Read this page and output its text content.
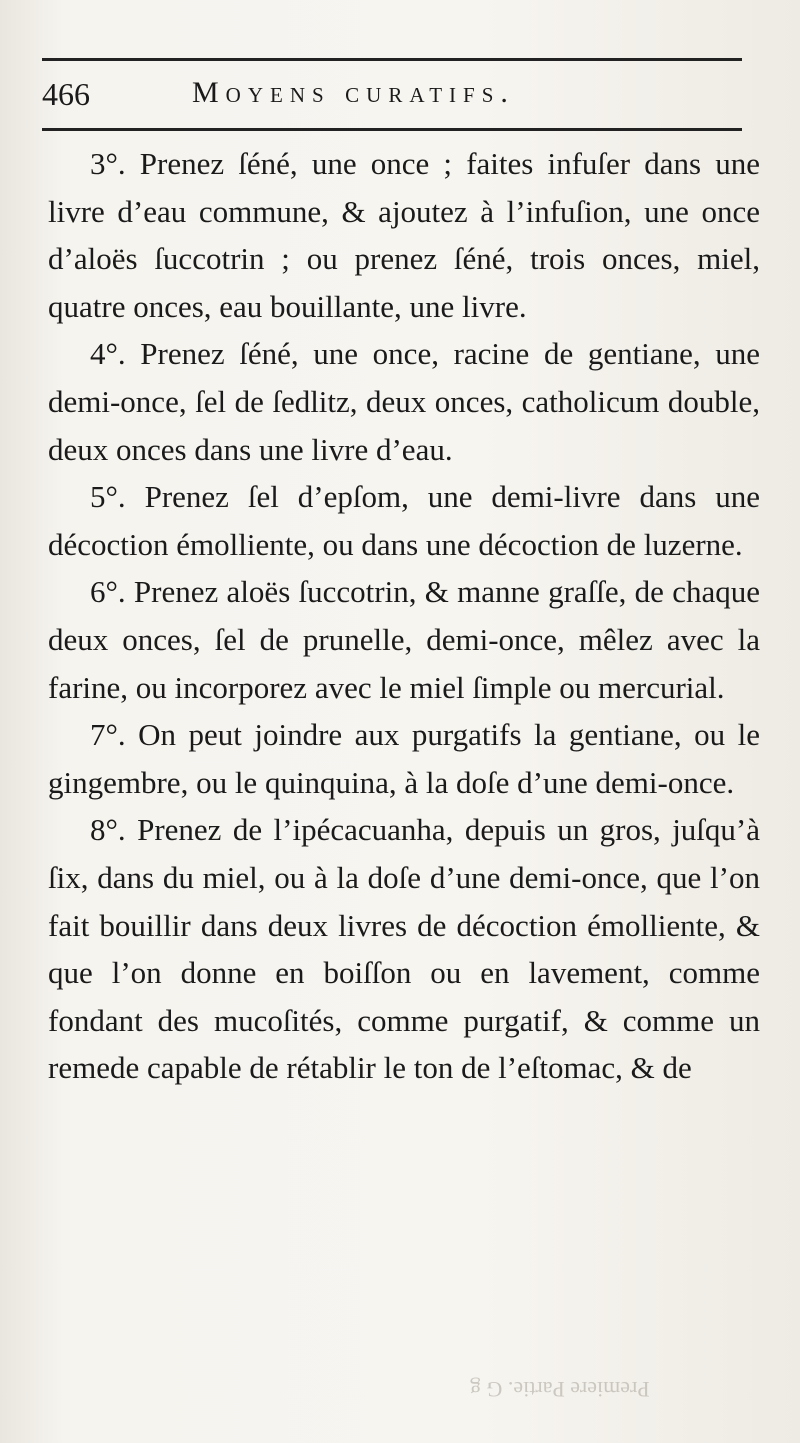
466	Moyens curatifs.

3°. Prenez ſéné, une once ; faites infuſer dans une livre d’eau commune, & ajoutez à l’infuſion, une once d’aloës ſuccotrin ; ou prenez ſéné, trois onces, miel, quatre onces, eau bouillante, une livre.

4°. Prenez ſéné, une once, racine de gentiane, une demi-once, ſel de ſedlitz, deux onces, catholicum double, deux onces dans une livre d’eau.

5°. Prenez ſel d’epſom, une demi-livre dans une décoction émolliente, ou dans une décoction de luzerne.

6°. Prenez aloës ſuccotrin, & manne graſſe, de chaque deux onces, ſel de prunelle, demi-once, mêlez avec la farine, ou incorporez avec le miel ſimple ou mercurial.

7°. On peut joindre aux purgatifs la gentiane, ou le gingembre, ou le quinquina, à la doſe d’une demi-once.

8°. Prenez de l’ipécacuanha, depuis un gros, juſqu’à ſix, dans du miel, ou à la doſe d’une demi-once, que l’on fait bouillir dans deux livres de décoction émolliente, & que l’on donne en boiſſon ou en lavement, comme fondant des mucoſités, comme purgatif, & comme un remede capable de rétablir le ton de l’eſtomac, & de

Premiere Partie. G g
